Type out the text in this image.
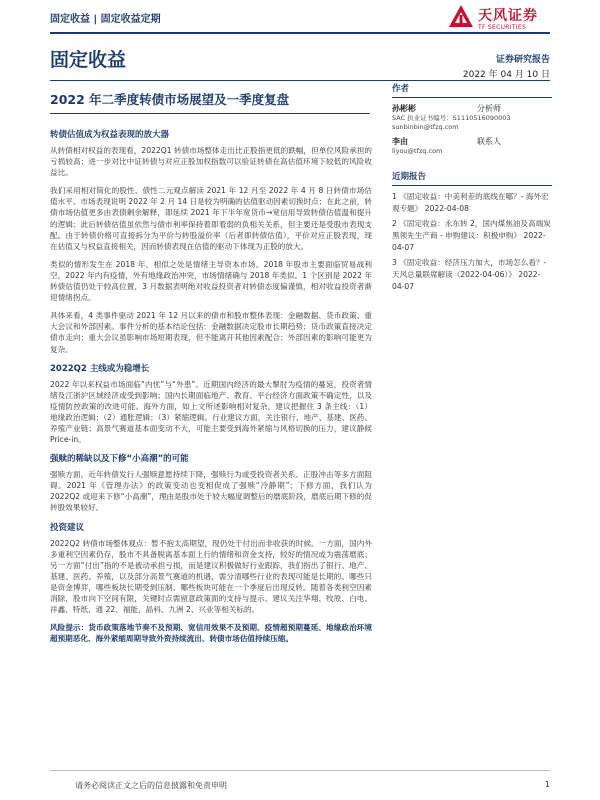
固定收益 | 固定收益定期	天风证券
TF SECURITIES
固定收益	证券研究报告
2022 年 04 月 10 日
2022 年二季度转债市场展望及一季度复盘
转债估值成为权益表现的放大器

从转债相对权益的表现看，2022Q1 转债市场整体走出比正股指更低的跌幅，但单位风险承担的亏损较高；进一步对比中证转债与对应正股加权指数可以验证转债在高估值环境下较低的风险收益比。

我们采用相对简化的股性、债性二元观点解读 2021 年 12 月至 2022 年 4 月 8 日转债市场估值水平。市场表现说明 2022 年 2 月 14 日是较为明确的估值驱动因素切换时点；在此之前，转债市场估值更多由表债剩余解释，即延续 2021 年下半年宽货币→宽信用导致转债估值温和提升的逻辑；此后转债估值虽依然与债市利率保持着即着弱的负相关关系，但主要还是受股市表现支配。由于转债价格可直接拆分为平价与转股溢价率（后者即转债估值），平价对应正股表现，现在估值又与权益直接相关，因而转债表现在估值的驱动下体现为正股的放大。

类似的情形发生在 2018 年，相似之处是情绪主导资本市场。2018 年股市主要面临贸易战利空，2022 年内有疫情，外有地缘政治冲突，市场情绪确与 2018 年类似。1 个区别是 2022 年转债估值仍处于较高位置，3 月数据表明绝对收益投资者对转债态度偏谨慎，相对收益投资者渐迎情绪拐点。

具体来看，4 类事件驱动 2021 年 12 月以来的债市和股市整体表现：金融数据、货币政策、重大会议和外部因素。事件分析的基本结论包括：金融数据决定股市长期趋势；货币政策直接决定债市走向；重大会议虽影响市场短期表现，但不能离开其他因素配合；外部因素的影响可能更为复杂。

2022Q2 主线或为稳增长

2022 年以来权益市场面临“内忧”与“外患”。近期国内经济的最大掣肘为疫情的蔓延，投资者情绪及江浙沪区域经济或受到影响；国内长期面临地产、教育、平台经济方面政策不确定性，以及疫情防控政策的改进可能。海外方面，如上文所述影响相对复杂，建议把握住 3 条主线：（1）地缘政治逻辑；（2）通胀逻辑；（3）紧缩逻辑。行业建议方面，关注银行、地产、基建、医药、养殖产业链；高景气赛道基本面变动不大，可能主要受到海外紧缩与风格切换的压力，建议静候 Price-in。

强赎的稀缺以及下修“小高潮”的可能

强赎方面，近年转债发行人强赎意愿持续下降，强赎行为或受投资者关系、正股冲击等多方面阻碍。2021 年《管理办法》的政策变动也变相促成了强赎“冷静期”；下修方面，我们认为 2022Q2 或迎来下修“小高潮”，理由是股市处于较大幅度调整后的磨底阶段，磨底后期下修的促转股效果较好。

投资建议

2022Q2 转债市场整体观点：暂不抱太高期望，现仍处于付出而非收获的时候。一方面，国内外多重利空因素仍存，股市不具备脱离基本面上行的情绪和资金支持，较好的情况或为震荡磨底；另一方面“付出”指的不是被动承担亏损，而是建议积极做好行业跟踪，我们指出了银行、地产、基建、医药、养殖，以及部分高景气赛道的机遇，需分清哪些行业的表现可能是长期的、哪些只是资金博弈，哪些板块长期受到压制、哪些板块可能在一个季度后出现反转。随着各类利空因素消除，股市向下空间有限，关键时点需留意政策面的支持与提示。建议关注华翔、牧原、白电、祥鑫、特纸、通 22、福能、晶科、九洲 2、兴业等相关标的。

风险提示：货币政策落地节奏不及预期、宽信用效果不及预期、疫情超预期蔓延、地缘政治环境超预期恶化、海外紧缩周期导致外资持续流出、转债市场估值持续压缩。

作者
孙彬彬	分析师
SAC 执业证书编号：S1110516090003
sunbinbin@tfzq.com
李由	联系人
liyou@tfzq.com
近期报告
1 《固定收益：中美利差的底线在哪？- 海外宏观专题》 2022-04-08
2 《固定收益：永东转 2，国内煤焦油及高端炭黑领先生产商 - 申购建议：积极申购》 2022-04-07
3 《固定收益：经济压力加大，市场怎么看？- 天风总量联席解读（2022-04-06）》 2022-04-07
请务必阅读正文之后的信息披露和免责申明	1
